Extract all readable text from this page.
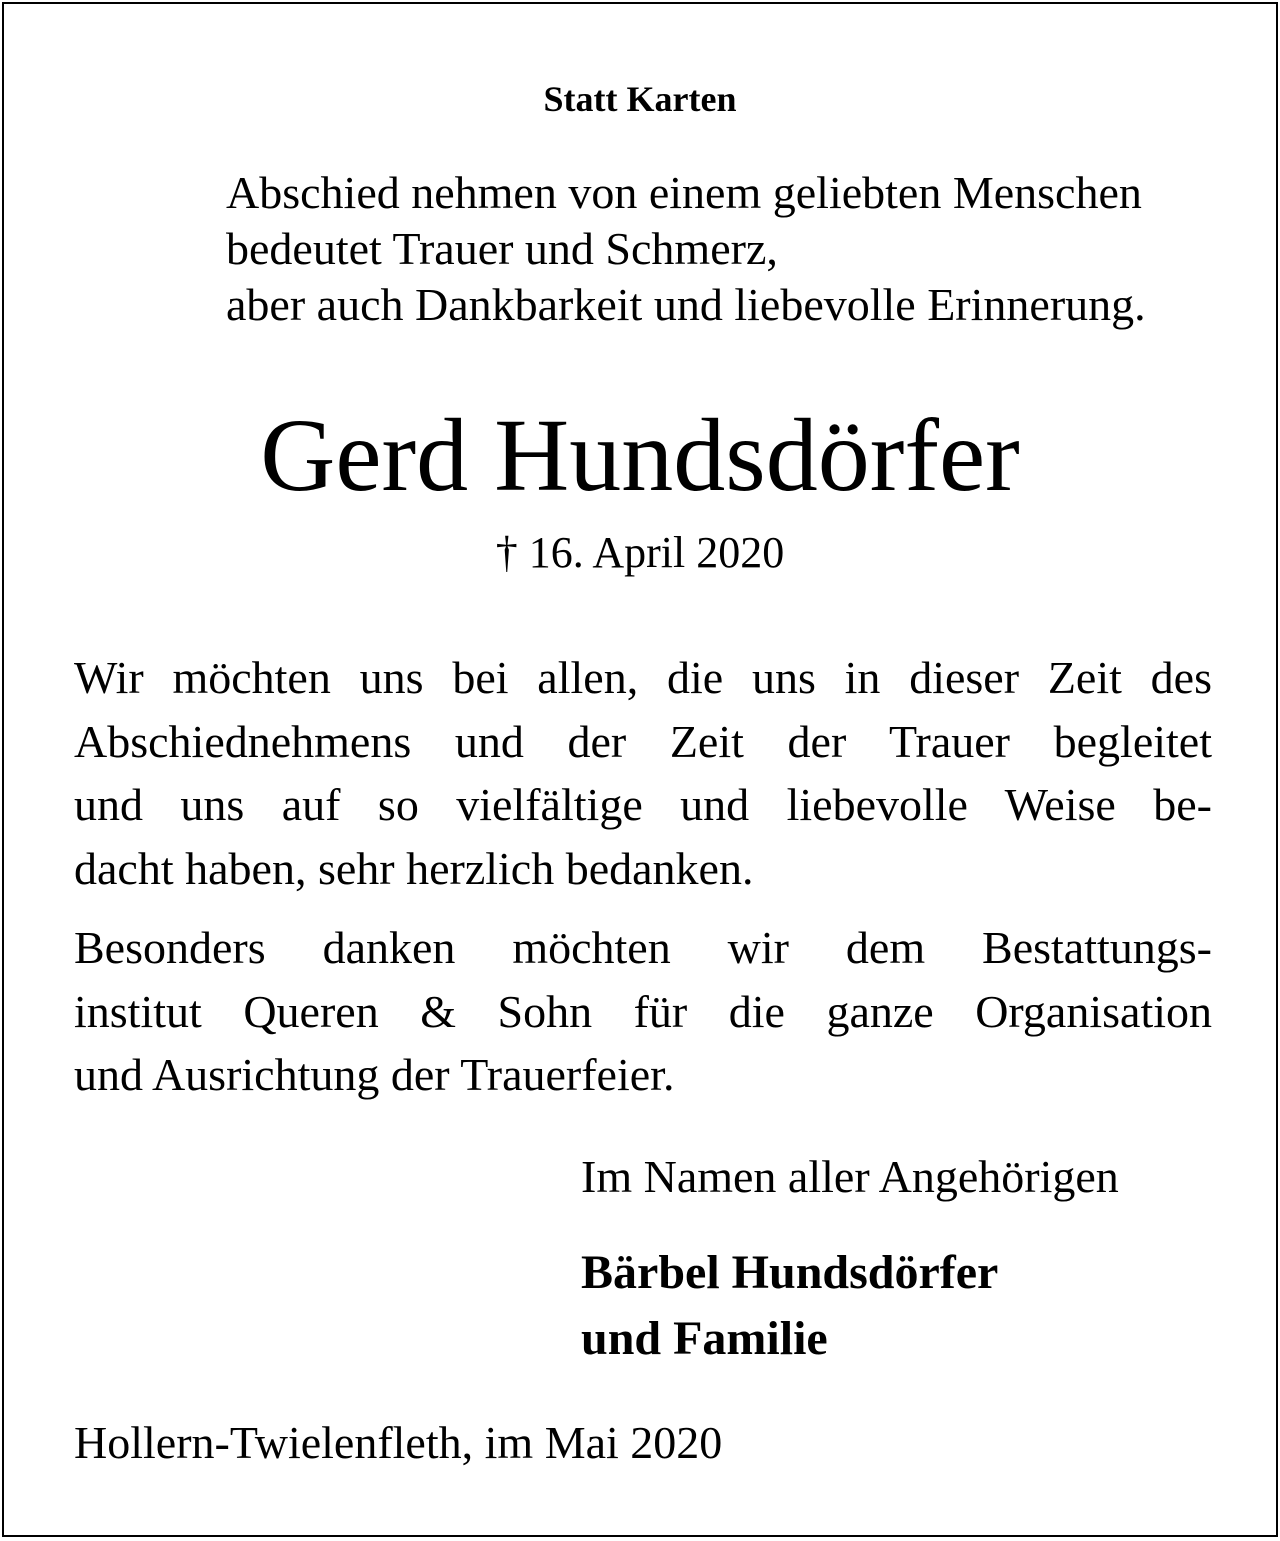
Statt Karten
Abschied nehmen von einem geliebten Menschen
bedeutet Trauer und Schmerz,
aber auch Dankbarkeit und liebevolle Erinnerung.
Gerd Hundsdörfer
† 16. April 2020

Wir möchten uns bei allen, die uns in dieser Zeit des
Abschiednehmens und der Zeit der Trauer begleitet
und uns auf so vielfältige und liebevolle Weise be-
dacht haben, sehr herzlich bedanken.

Besonders danken möchten wir dem Bestattungs-
institut Queren & Sohn für die ganze Organisation
und Ausrichtung der Trauerfeier.

Im Namen aller Angehörigen
Bärbel Hundsdörfer
und Familie
Hollern-Twielenfleth, im Mai 2020
